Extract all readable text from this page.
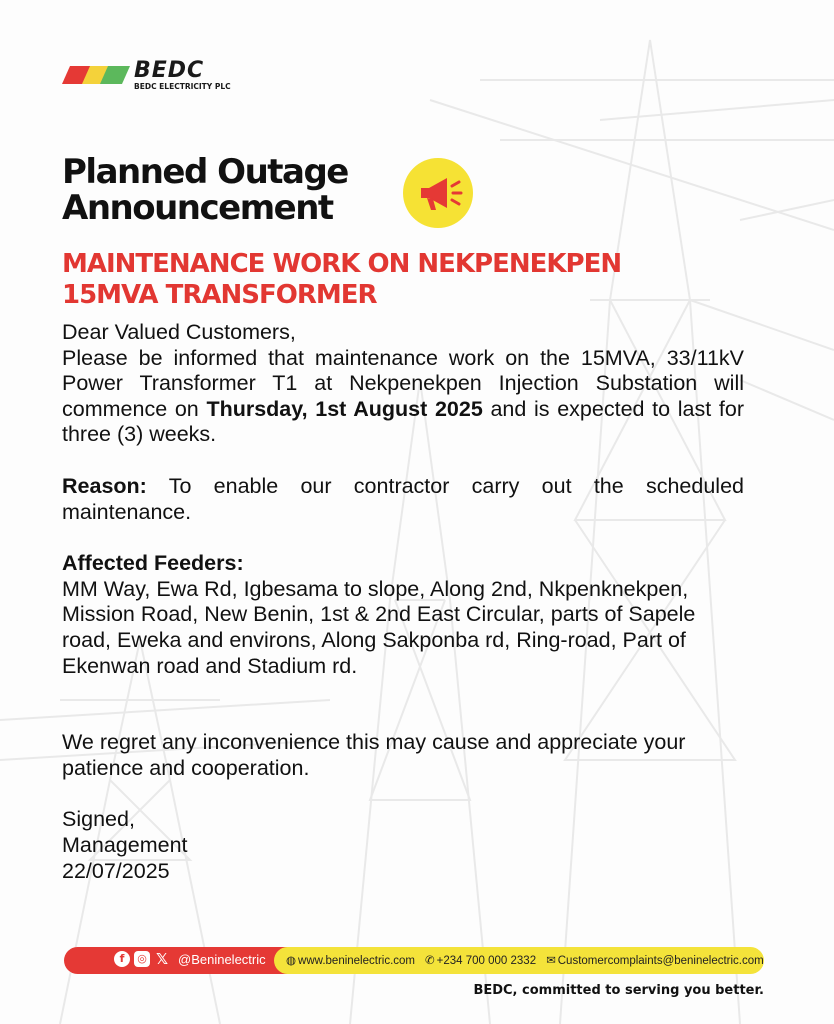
BEDC
BEDC ELECTRICITY PLC
Planned Outage
Announcement
MAINTENANCE WORK ON NEKPENEKPEN
15MVA TRANSFORMER

Dear Valued Customers,

Please be informed that maintenance work on the 15MVA, 33/11kV Power Transformer T1 at Nekpenekpen Injection Substation will commence on Thursday, 1st August 2025 and is expected to last for three (3) weeks.

Reason: To enable our contractor carry out the scheduled maintenance.

Affected Feeders:

MM Way, Ewa Rd, Igbesama to slope, Along 2nd, Nkpenknekpen, Mission Road, New Benin, 1st & 2nd East Circular, parts of Sapele road, Eweka and environs, Along Sakponba rd, Ring-road, Part of Ekenwan road and Stadium rd.

We regret any inconvenience this may cause and appreciate your patience and cooperation.

Signed,

Management

22/07/2025

f	◎ 𝕏 @Beninelectric ◍ www.beninelectric.com ✆ +234 700 000 2332 ✉ Customercomplaints@beninelectric.com
BEDC, committed to serving you better.
